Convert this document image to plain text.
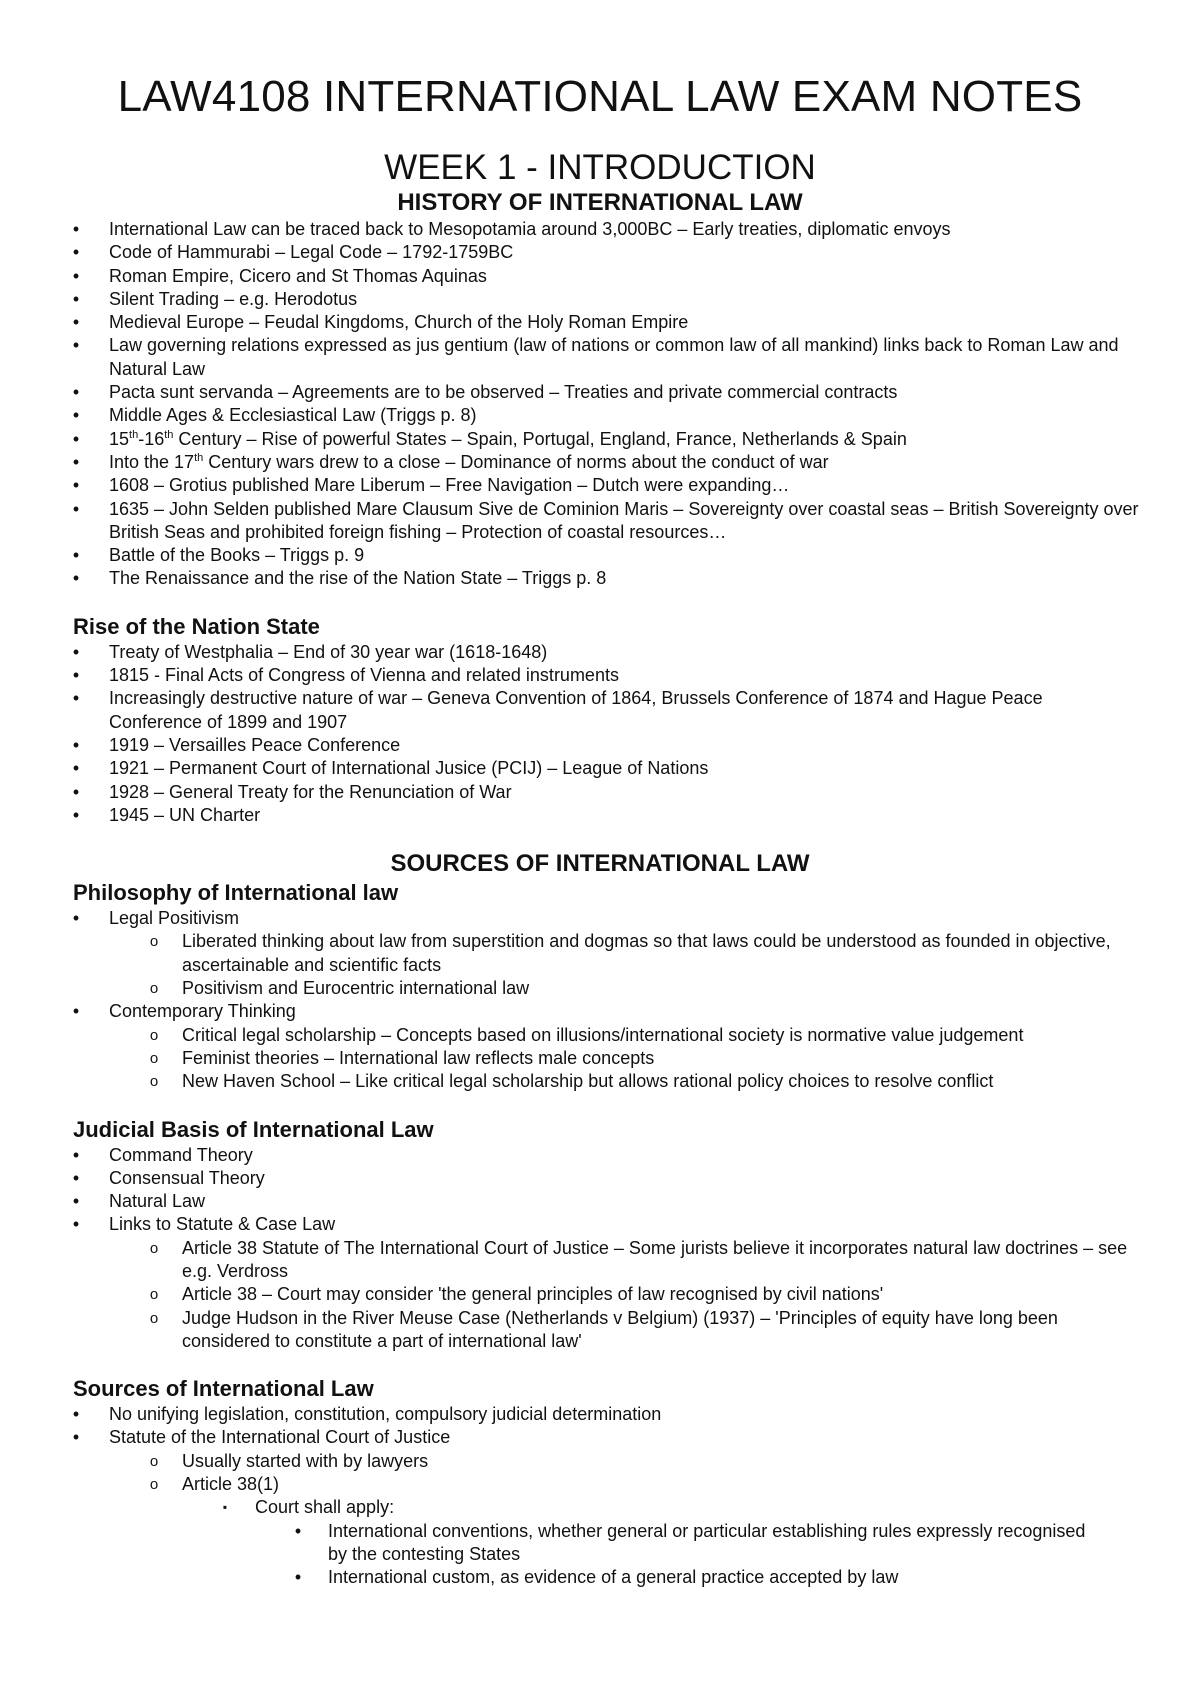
LAW4108 INTERNATIONAL LAW EXAM NOTES
WEEK 1 - INTRODUCTION
HISTORY OF INTERNATIONAL LAW
• International Law can be traced back to Mesopotamia around 3,000BC – Early treaties, diplomatic envoys
• Code of Hammurabi – Legal Code – 1792-1759BC
• Roman Empire, Cicero and St Thomas Aquinas
• Silent Trading – e.g. Herodotus
• Medieval Europe – Feudal Kingdoms, Church of the Holy Roman Empire
• Law governing relations expressed as jus gentium (law of nations or common law of all mankind) links back to Roman Law and Natural Law
• Pacta sunt servanda – Agreements are to be observed – Treaties and private commercial contracts
• Middle Ages & Ecclesiastical Law (Triggs p. 8)
• 15th-16th Century – Rise of powerful States – Spain, Portugal, England, France, Netherlands & Spain
• Into the 17th Century wars drew to a close – Dominance of norms about the conduct of war
• 1608 – Grotius published Mare Liberum – Free Navigation – Dutch were expanding…
• 1635 – John Selden published Mare Clausum Sive de Cominion Maris – Sovereignty over coastal seas – British Sovereignty over British Seas and prohibited foreign fishing – Protection of coastal resources…
• Battle of the Books – Triggs p. 9
• The Renaissance and the rise of the Nation State – Triggs p. 8
Rise of the Nation State
• Treaty of Westphalia – End of 30 year war (1618-1648)
• 1815 - Final Acts of Congress of Vienna and related instruments
• Increasingly destructive nature of war – Geneva Convention of 1864, Brussels Conference of 1874 and Hague Peace Conference of 1899 and 1907
• 1919 – Versailles Peace Conference
• 1921 – Permanent Court of International Jusice (PCIJ) – League of Nations
• 1928 – General Treaty for the Renunciation of War
• 1945 – UN Charter
SOURCES OF INTERNATIONAL LAW
Philosophy of International law
• Legal Positivism
o Liberated thinking about law from superstition and dogmas so that laws could be understood as founded in objective, ascertainable and scientific facts
o Positivism and Eurocentric international law
• Contemporary Thinking
o Critical legal scholarship – Concepts based on illusions/international society is normative value judgement
o Feminist theories – International law reflects male concepts
o New Haven School – Like critical legal scholarship but allows rational policy choices to resolve conflict
Judicial Basis of International Law
• Command Theory
• Consensual Theory
• Natural Law
• Links to Statute & Case Law
o Article 38 Statute of The International Court of Justice – Some jurists believe it incorporates natural law doctrines – see e.g. Verdross
o Article 38 – Court may consider 'the general principles of law recognised by civil nations'
o Judge Hudson in the River Meuse Case (Netherlands v Belgium) (1937) – 'Principles of equity have long been considered to constitute a part of international law'
Sources of International Law
• No unifying legislation, constitution, compulsory judicial determination
• Statute of the International Court of Justice
o Usually started with by lawyers
o Article 38(1)
▪ Court shall apply:
• International conventions, whether general or particular establishing rules expressly recognised by the contesting States
• International custom, as evidence of a general practice accepted by law
